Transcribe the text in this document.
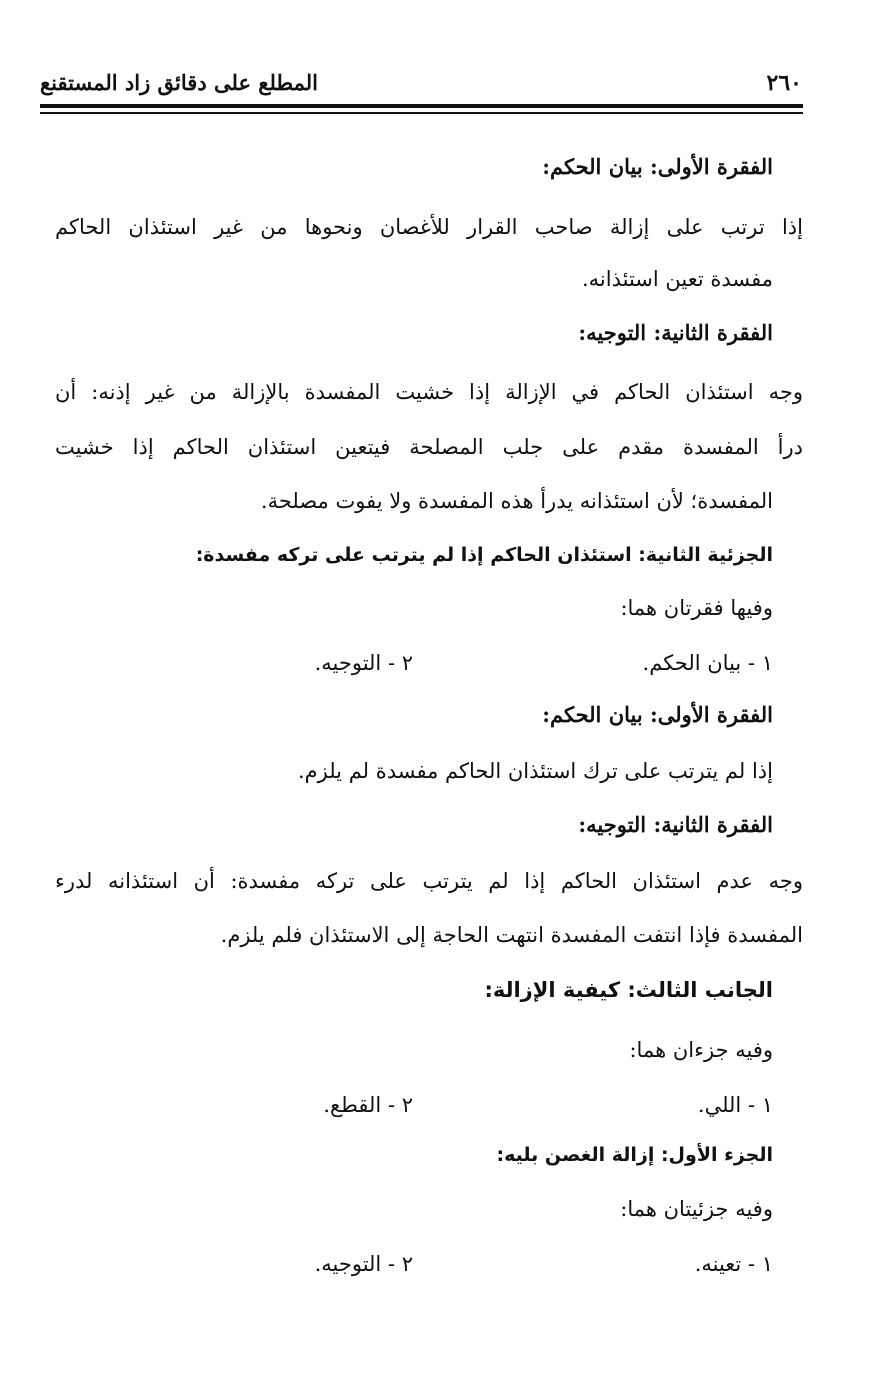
٢٦٠
المطلع على دقائق زاد المستقنع
الفقرة الأولى: بيان الحكم:
إذا ترتب على إزالة صاحب القرار للأغصان ونحوها من غير استئذان الحاكم
مفسدة تعين استئذانه.
الفقرة الثانية: التوجيه:
وجه استئذان الحاكم في الإزالة إذا خشيت المفسدة بالإزالة من غير إذنه: أن
درأ المفسدة مقدم على جلب المصلحة فيتعين استئذان الحاكم إذا خشيت
المفسدة؛ لأن استئذانه يدرأ هذه المفسدة ولا يفوت مصلحة.
الجزئية الثانية: استئذان الحاكم إذا لم يترتب على تركه مفسدة:
وفيها فقرتان هما:
١ - بيان الحكم.
٢ - التوجيه.
الفقرة الأولى: بيان الحكم:
إذا لم يترتب على ترك استئذان الحاكم مفسدة لم يلزم.
الفقرة الثانية: التوجيه:
وجه عدم استئذان الحاكم إذا لم يترتب على تركه مفسدة: أن استئذانه لدرء
المفسدة فإذا انتفت المفسدة انتهت الحاجة إلى الاستئذان فلم يلزم.
الجانب الثالث: كيفية الإزالة:
وفيه جزءان هما:
١ - اللي.
٢ - القطع.
الجزء الأول: إزالة الغصن بليه:
وفيه جزئيتان هما:
١ - تعينه.
٢ - التوجيه.
